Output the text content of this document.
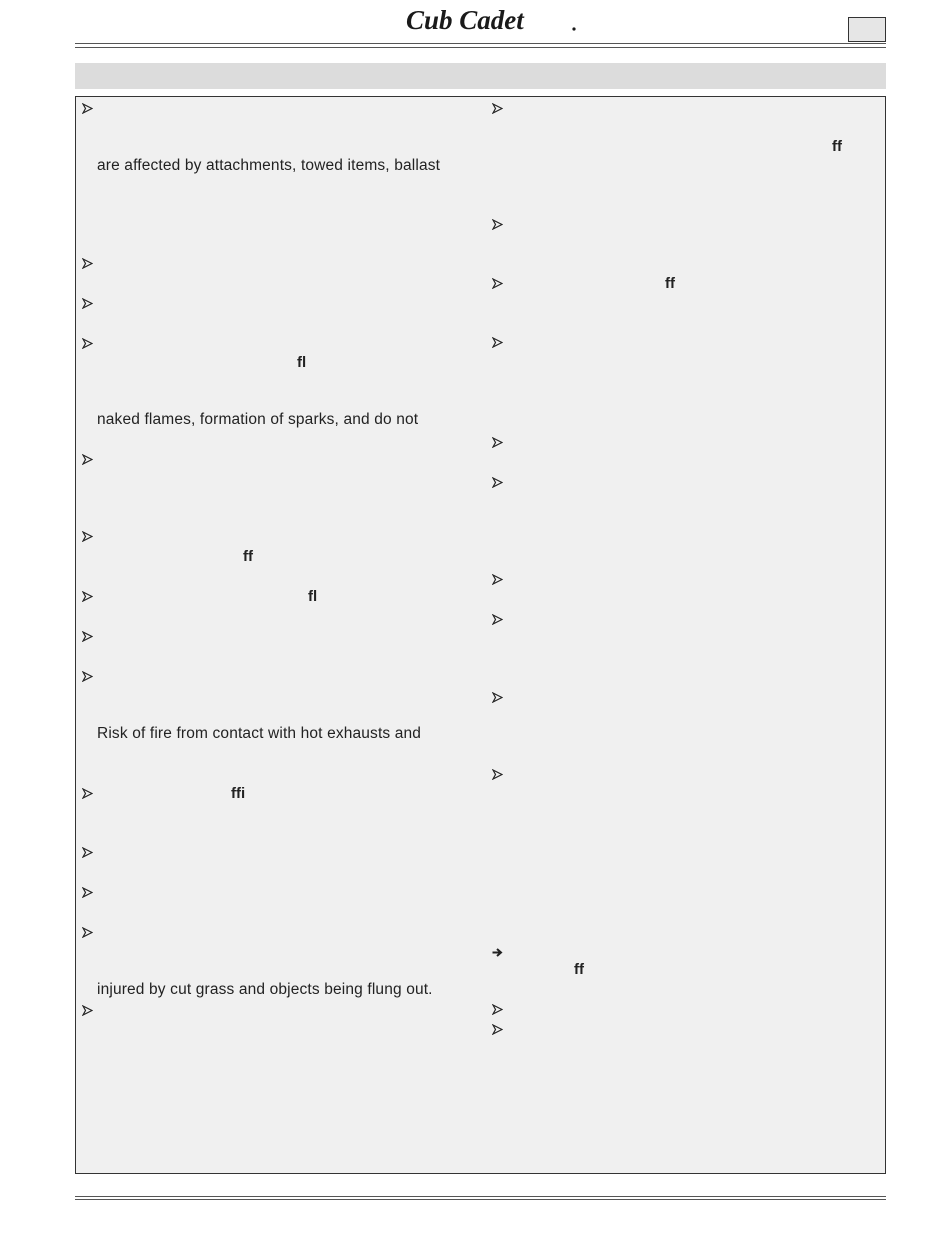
Cub Cadet
are affected by attachments, towed items, ballast
fl
naked flames, formation of sparks, and do not
ff
fl
Risk of fire from contact with hot exhausts and
ffi
injured by cut grass and objects being flung out.
ff
ff
ff
